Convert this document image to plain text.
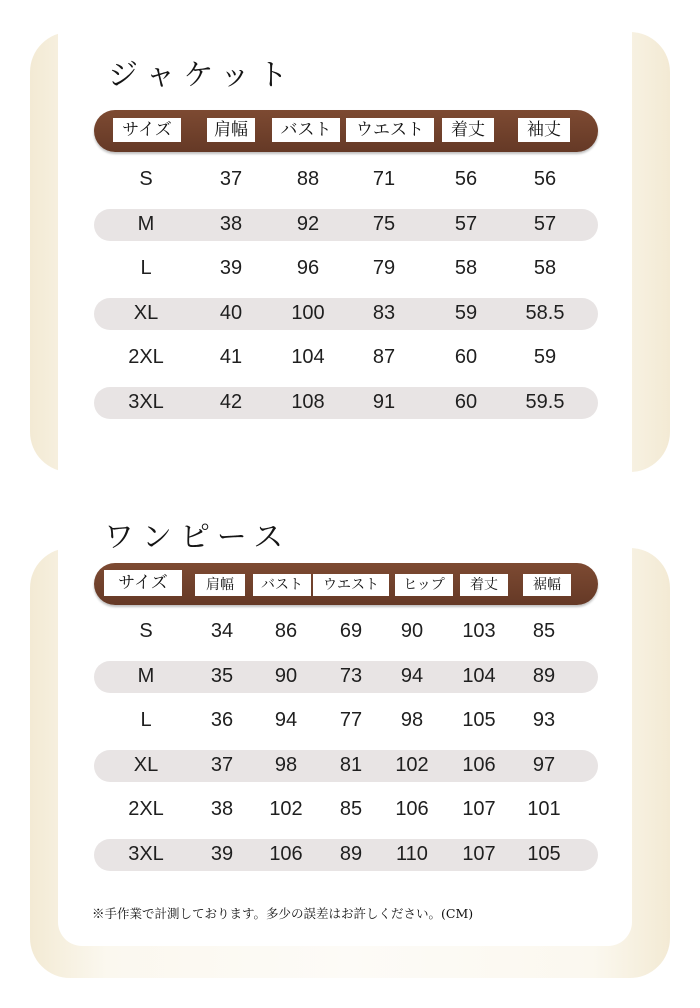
ジャケット
サイズ	肩幅	バスト	ウエスト	着丈	袖丈
S	37	88	71	56	56
M	38	92	75	57	57
L	39	96	79	58	58
XL	40	100	83	59	58.5
2XL	41	104	87	60	59
3XL	42	108	91	60	59.5
ワンピース
サイズ	肩幅	バスト	ウエスト	ヒップ	着丈	裾幅
S	34	86	69	90	103	85
M	35	90	73	94	104	89
L	36	94	77	98	105	93
XL	37	98	81	102	106	97
2XL	38	102	85	106	107	101
3XL	39	106	89	110	107	105
※手作業で計測しております。多少の誤差はお許しください。(CM)
